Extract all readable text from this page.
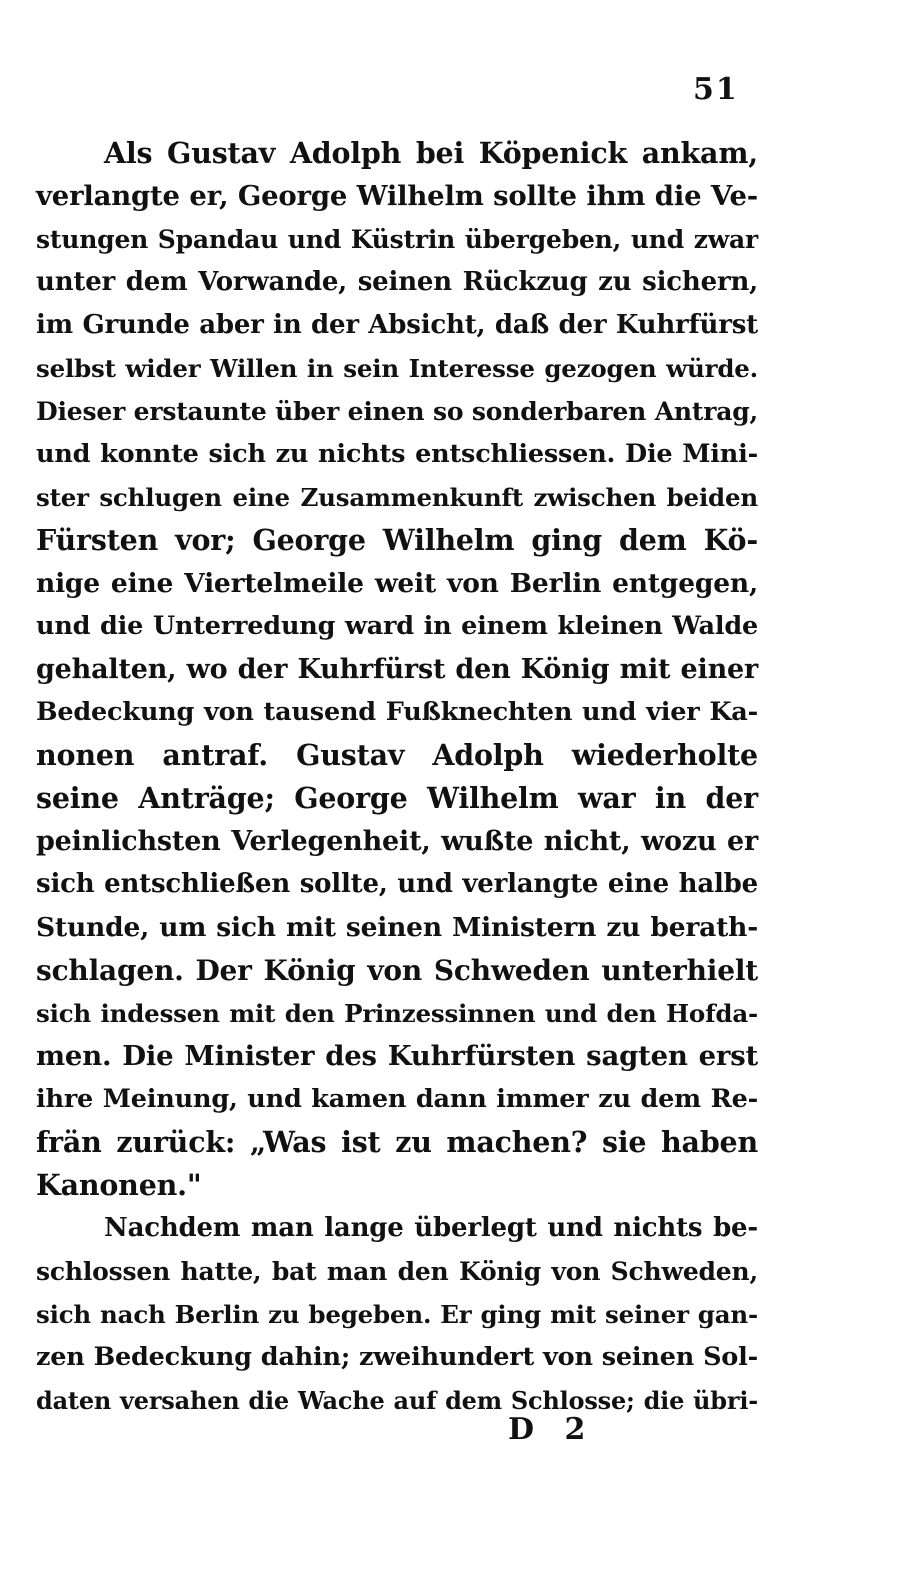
51
Als Gustav Adolph bei Köpenick ankam,
verlangte er, George Wilhelm sollte ihm die Ve-
stungen Spandau und Küstrin übergeben, und zwar
unter dem Vorwande, seinen Rückzug zu sichern,
im Grunde aber in der Absicht, daß der Kuhrfürst
selbst wider Willen in sein Interesse gezogen würde.
Dieser erstaunte über einen so sonderbaren Antrag,
und konnte sich zu nichts entschliessen. Die Mini-
ster schlugen eine Zusammenkunft zwischen beiden
Fürsten vor; George Wilhelm ging dem Kö-
nige eine Viertelmeile weit von Berlin entgegen,
und die Unterredung ward in einem kleinen Walde
gehalten, wo der Kuhrfürst den König mit einer
Bedeckung von tausend Fußknechten und vier Ka-
nonen antraf. Gustav Adolph wiederholte
seine Anträge; George Wilhelm war in der
peinlichsten Verlegenheit, wußte nicht, wozu er
sich entschließen sollte, und verlangte eine halbe
Stunde, um sich mit seinen Ministern zu berath-
schlagen. Der König von Schweden unterhielt
sich indessen mit den Prinzessinnen und den Hofda-
men. Die Minister des Kuhrfürsten sagten erst
ihre Meinung, und kamen dann immer zu dem Re-
frän zurück: „Was ist zu machen? sie haben
Kanonen."
Nachdem man lange überlegt und nichts be-
schlossen hatte, bat man den König von Schweden,
sich nach Berlin zu begeben. Er ging mit seiner gan-
zen Bedeckung dahin; zweihundert von seinen Sol-
daten versahen die Wache auf dem Schlosse; die übri-
D 2
